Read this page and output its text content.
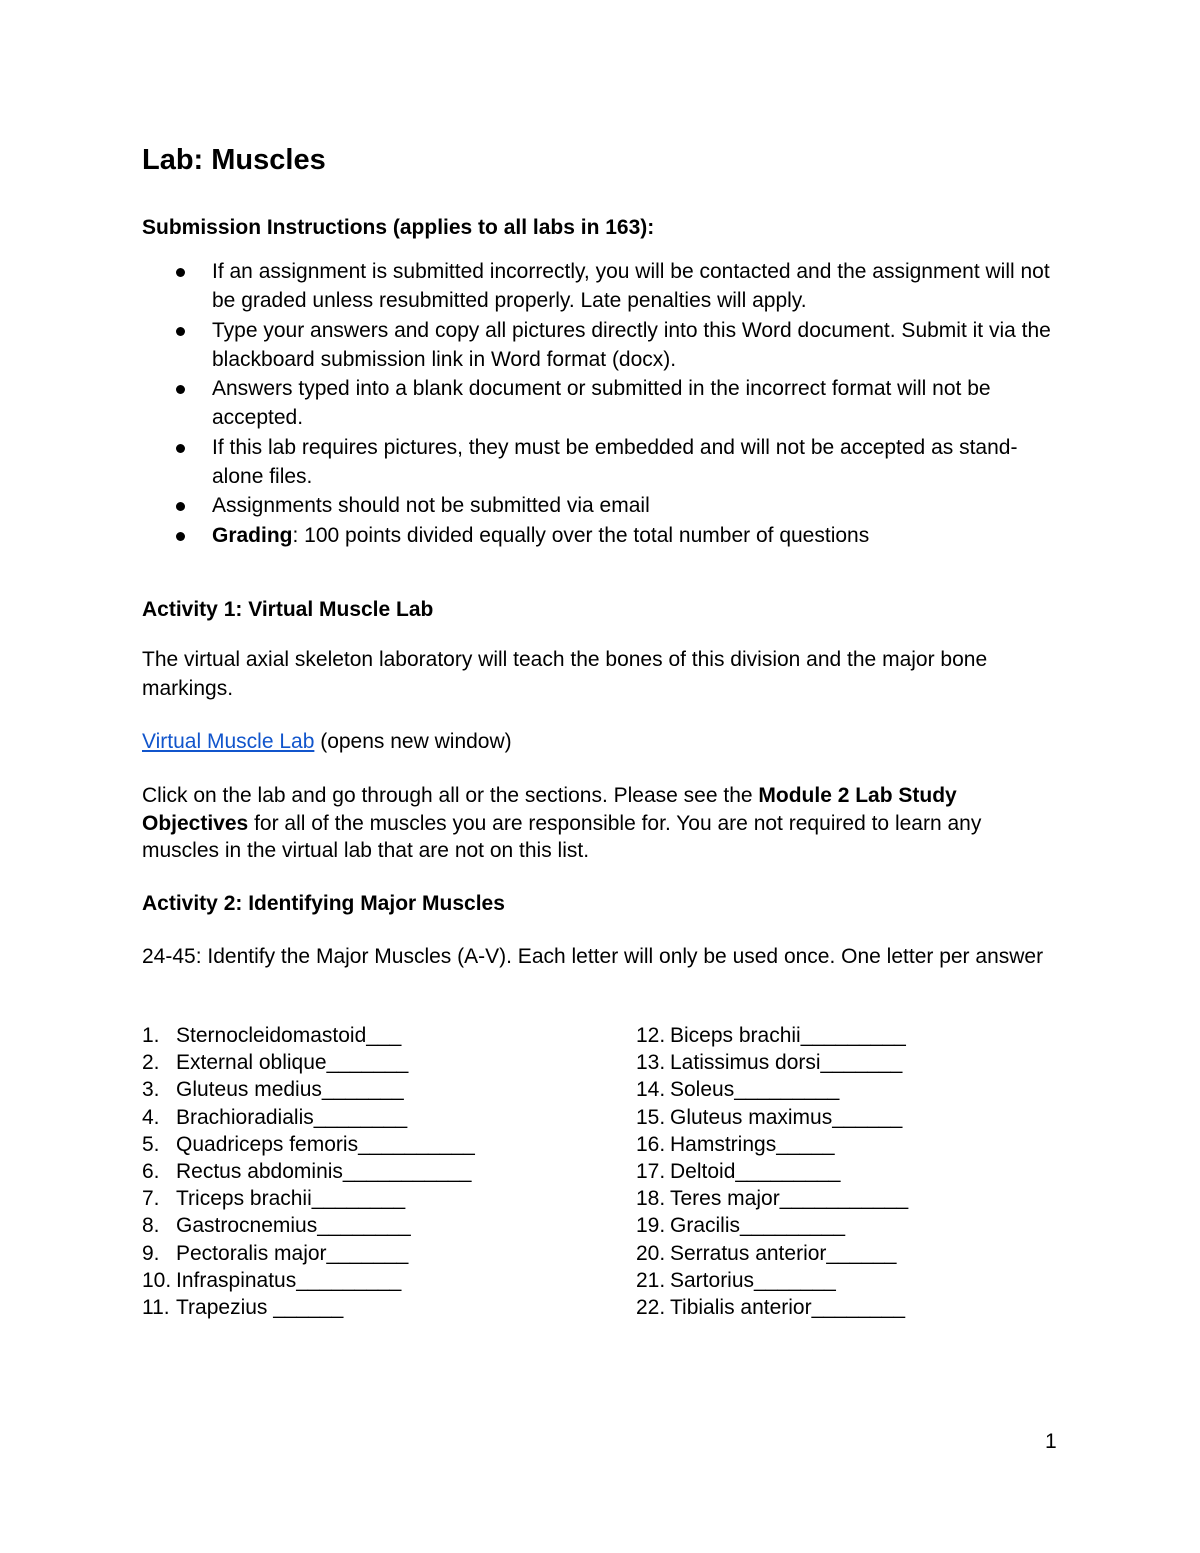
Lab: Muscles
Submission Instructions (applies to all labs in 163):
If an assignment is submitted incorrectly, you will be contacted and the assignment will not be graded unless resubmitted properly. Late penalties will apply.
Type your answers and copy all pictures directly into this Word document. Submit it via the blackboard submission link in Word format (docx).
Answers typed into a blank document or submitted in the incorrect format will not be accepted.
If this lab requires pictures, they must be embedded and will not be accepted as stand-alone files.
Assignments should not be submitted via email
Grading: 100 points divided equally over the total number of questions
Activity 1: Virtual Muscle Lab

The virtual axial skeleton laboratory will teach the bones of this division and the major bone markings.

Virtual Muscle Lab (opens new window)

Click on the lab and go through all or the sections. Please see the Module 2 Lab Study Objectives for all of the muscles you are responsible for. You are not required to learn any muscles in the virtual lab that are not on this list.

Activity 2: Identifying Major Muscles

24-45: Identify the Major Muscles (A-V). Each letter will only be used once. One letter per answer

1. Sternocleidomastoid___
2. External oblique_______
3. Gluteus medius_______
4. Brachioradialis________
5. Quadriceps femoris__________
6. Rectus abdominis___________
7. Triceps brachii________
8. Gastrocnemius________
9. Pectoralis major_______
10. Infraspinatus_________
11. Trapezius ______
12. Biceps brachii_________
13. Latissimus dorsi_______
14. Soleus_________
15. Gluteus maximus______
16. Hamstrings_____
17. Deltoid_________
18. Teres major___________
19. Gracilis_________
20. Serratus anterior______
21. Sartorius_______
22. Tibialis anterior________
1
